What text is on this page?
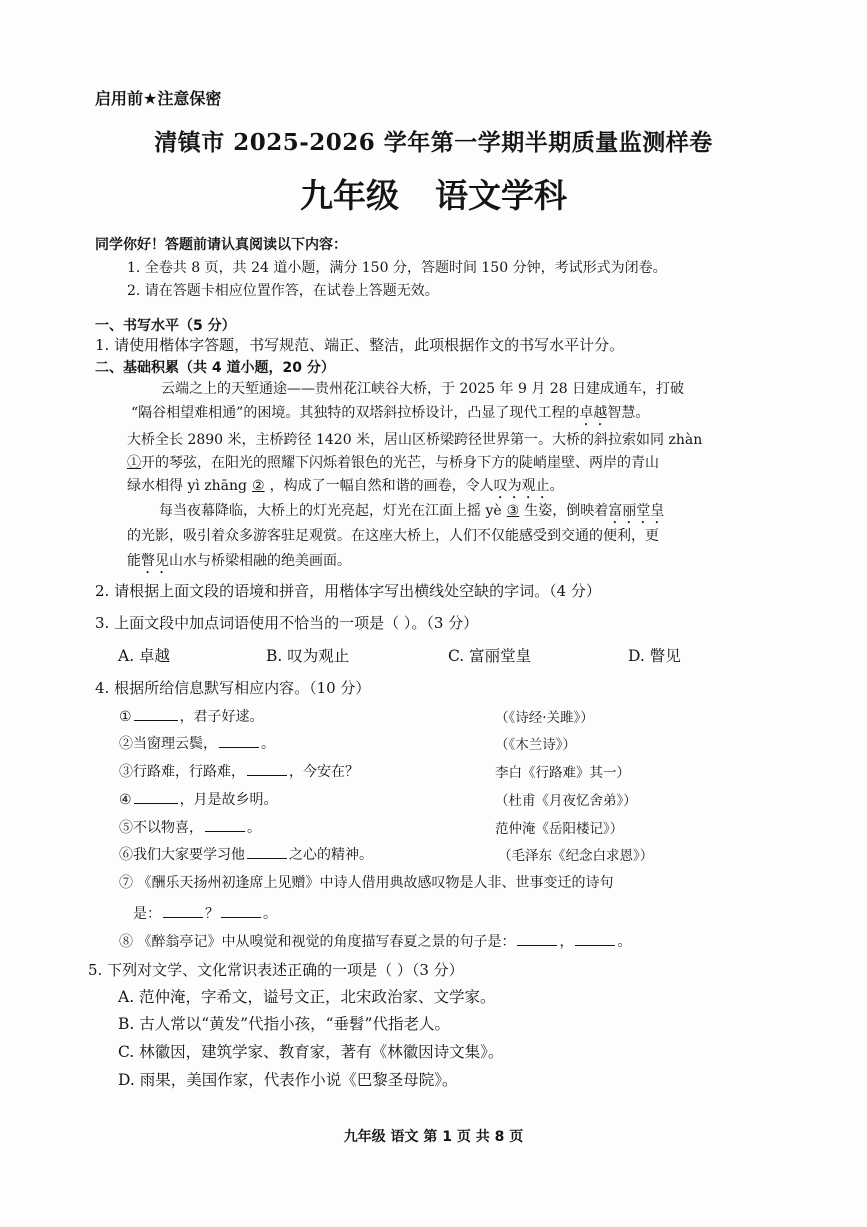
启用前★注意保密
清镇市 2025-2026 学年第一学期半期质量监测样卷
九年级 语文学科
同学你好！答题前请认真阅读以下内容：
1. 全卷共 8 页，共 24 道小题，满分 150 分，答题时间 150 分钟，考试形式为闭卷。
2. 请在答题卡相应位置作答，在试卷上答题无效。
一、书写水平（5 分）
1. 请使用楷体字答题，书写规范、端正、整洁，此项根据作文的书写水平计分。
二、基础积累（共 4 道小题，20 分）
云端之上的天堑通途——贵州花江峡谷大桥，于 2025 年 9 月 28 日建成通车，打破
“隔谷相望难相通”的困境。其独特的双塔斜拉桥设计，凸显了现代工程的卓越智慧。
大桥全长 2890 米，主桥跨径 1420 米，居山区桥梁跨径世界第一。大桥的斜拉索如同 zhàn
①开的琴弦，在阳光的照耀下闪烁着银色的光芒，与桥身下方的陡峭崖壁、两岸的青山
绿水相得 yì zhāng ② ，构成了一幅自然和谐的画卷，令人叹为观止。
每当夜幕降临，大桥上的灯光亮起，灯光在江面上摇 yè ③ 生姿，倒映着富丽堂皇
的光影，吸引着众多游客驻足观赏。在这座大桥上，人们不仅能感受到交通的便利，更
能瞥见山水与桥梁相融的绝美画面。
2. 请根据上面文段的语境和拼音，用楷体字写出横线处空缺的字词。（4 分）
3. 上面文段中加点词语使用不恰当的一项是（ ）。（3 分）
A. 卓越	B. 叹为观止	C. 富丽堂皇	D. 瞥见
4. 根据所给信息默写相应内容。（10 分）
①	，君子好逑。	（《诗经·关雎》）
②当窗理云鬓，	。	（《木兰诗》）
③行路难，行路难，	，今安在？	李白《行路难》其一）
④	，月是故乡明。	（杜甫《月夜忆舍弟》）
⑤不以物喜，	。	范仲淹《岳阳楼记》）
⑥我们大家要学习他	之心的精神。	（毛泽东《纪念白求恩》）
⑦ 《酬乐天扬州初逢席上见赠》中诗人借用典故感叹物是人非、世事变迁的诗句
是：	？	。
⑧ 《醉翁亭记》中从嗅觉和视觉的角度描写春夏之景的句子是：	，	。
5. 下列对文学、文化常识表述正确的一项是（ ）（3 分）
A. 范仲淹，字希文，谥号文正，北宋政治家、文学家。
B. 古人常以“黄发”代指小孩，“垂髫”代指老人。
C. 林徽因，建筑学家、教育家，著有《林徽因诗文集》。
D. 雨果，美国作家，代表作小说《巴黎圣母院》。
九年级 语文 第 1 页 共 8 页
